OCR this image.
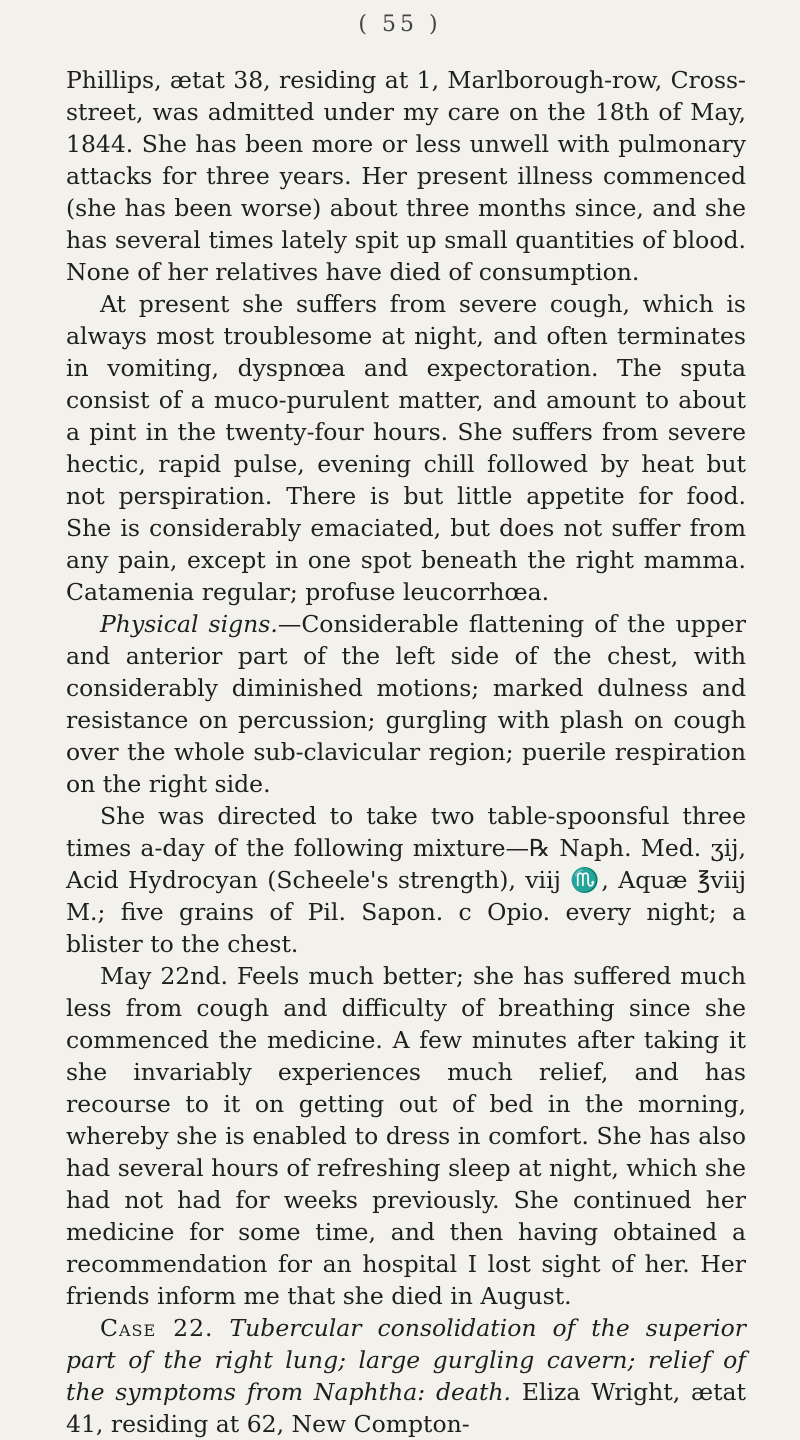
( 55 )

Phillips, ætat 38, residing at 1, Marlborough-row, Cross-street, was admitted under my care on the 18th of May, 1844. She has been more or less unwell with pulmonary attacks for three years. Her present illness commenced (she has been worse) about three months since, and she has several times lately spit up small quantities of blood. None of her relatives have died of consumption.

At present she suffers from severe cough, which is always most troublesome at night, and often terminates in vomiting, dyspnœa and expectoration. The sputa consist of a muco-purulent matter, and amount to about a pint in the twenty-four hours. She suffers from severe hectic, rapid pulse, evening chill followed by heat but not perspiration. There is but little appetite for food. She is considerably emaciated, but does not suffer from any pain, except in one spot beneath the right mamma. Catamenia regular; profuse leucorrhœa.

Physical signs.—Considerable flattening of the upper and anterior part of the left side of the chest, with considerably diminished motions; marked dulness and resistance on percussion; gurgling with plash on cough over the whole sub-clavicular region; puerile respiration on the right side.

She was directed to take two table-spoonsful three times a-day of the following mixture—℞ Naph. Med. ʒij, Acid Hydrocyan (Scheele's strength), viij ♏, Aquæ ℥viij M.; five grains of Pil. Sapon. c Opio. every night; a blister to the chest.

May 22nd. Feels much better; she has suffered much less from cough and difficulty of breathing since she commenced the medicine. A few minutes after taking it she invariably experiences much relief, and has recourse to it on getting out of bed in the morning, whereby she is enabled to dress in comfort. She has also had several hours of refreshing sleep at night, which she had not had for weeks previously. She continued her medicine for some time, and then having obtained a recommendation for an hospital I lost sight of her. Her friends inform me that she died in August.

Case 22. Tubercular consolidation of the superior part of the right lung; large gurgling cavern; relief of the symptoms from Naphtha: death. Eliza Wright, ætat 41, residing at 62, New Compton-
